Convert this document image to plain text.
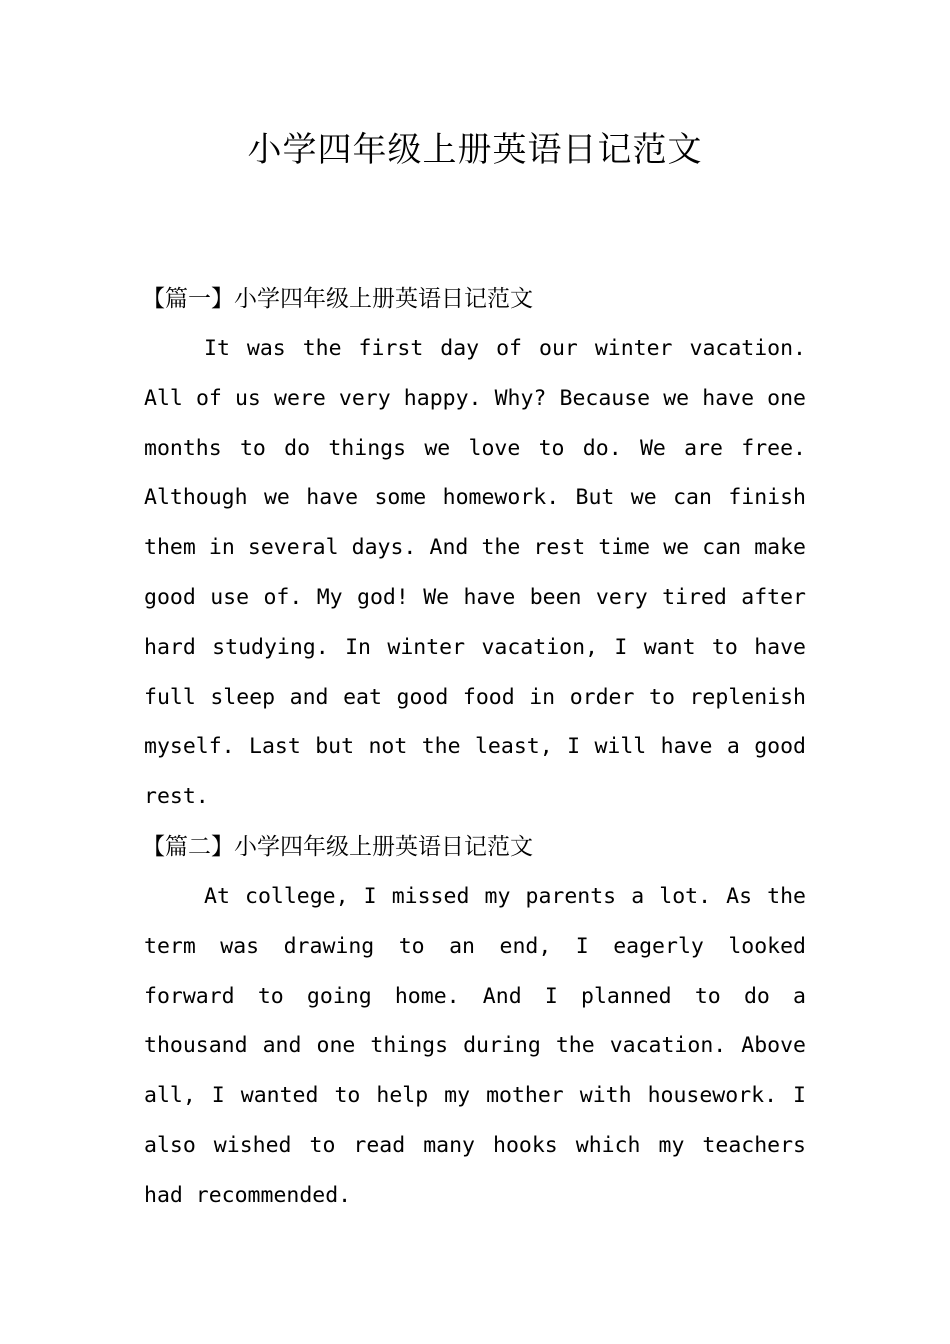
小学四年级上册英语日记范文
【篇一】小学四年级上册英语日记范文

It was the first day of our winter vacation. All of us were very happy. Why? Because we have one months to do things we love to do. We are free. Although we have some homework. But we can finish them in several days. And the rest time we can make good use of. My god! We have been very tired after hard studying. In winter vacation, I want to have full sleep and eat good food in order to replenish myself. Last but not the least, I will have a good rest.

【篇二】小学四年级上册英语日记范文

At college, I missed my parents a lot. As the term was drawing to an end, I eagerly looked forward to going home. And I planned to do a thousand and one things during the vacation. Above all, I wanted to help my mother with housework. I also wished to read many hooks which my teachers had recommended.
